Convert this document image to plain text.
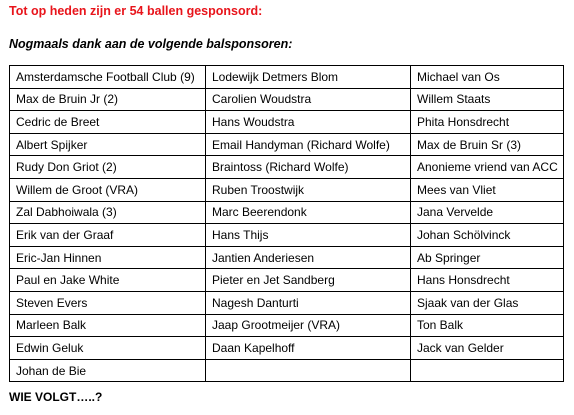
Tot op heden zijn er 54 ballen gesponsord:
Nogmaals dank aan de volgende balsponsoren:
Amsterdamsche Football Club (9)	Lodewijk Detmers Blom	Michael van Os
Max de Bruin Jr (2)	Carolien Woudstra	Willem Staats
Cedric de Breet	Hans Woudstra	Phita Honsdrecht
Albert Spijker	Email Handyman (Richard Wolfe)	Max de Bruin Sr (3)
Rudy Don Griot (2)	Braintoss (Richard Wolfe)	Anonieme vriend van ACC
Willem de Groot (VRA)	Ruben Troostwijk	Mees van Vliet
Zal Dabhoiwala (3)	Marc Beerendonk	Jana Vervelde
Erik van der Graaf	Hans Thijs	Johan Schölvinck
Eric-Jan Hinnen	Jantien Anderiesen	Ab Springer
Paul en Jake White	Pieter en Jet Sandberg	Hans Honsdrecht
Steven Evers	Nagesh Danturti	Sjaak van der Glas
Marleen Balk	Jaap Grootmeijer (VRA)	Ton Balk
Edwin Geluk	Daan Kapelhoff	Jack van Gelder
Johan de Bie		
WIE VOLGT…..?
